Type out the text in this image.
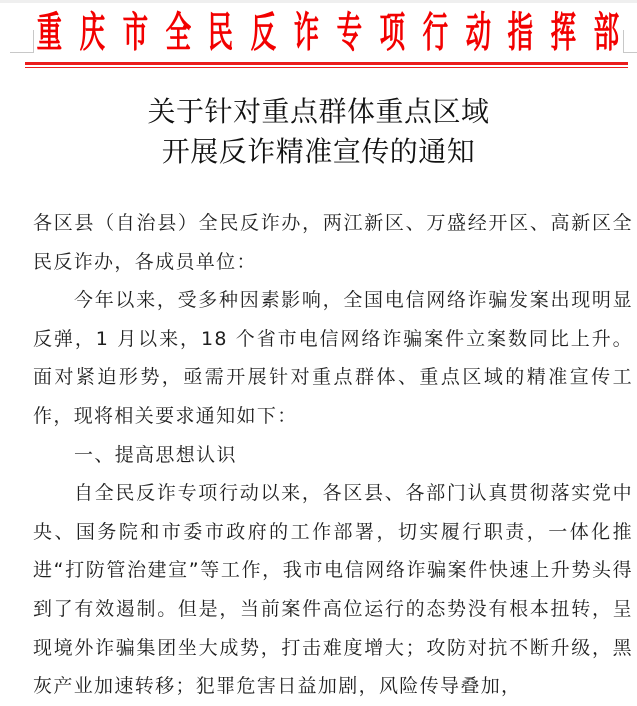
重 庆 市 全 民 反 诈 专 项 行 动 指 挥 部
关于针对重点群体重点区域
开展反诈精准宣传的通知

各区县（自治县）全民反诈办，两江新区、万盛经开区、高新区全民反诈办，各成员单位：

今年以来，受多种因素影响，全国电信网络诈骗发案出现明显反弹，1 月以来，18 个省市电信网络诈骗案件立案数同比上升。面对紧迫形势，亟需开展针对重点群体、重点区域的精准宣传工作，现将相关要求通知如下：

一、提高思想认识

自全民反诈专项行动以来，各区县、各部门认真贯彻落实党中央、国务院和市委市政府的工作部署，切实履行职责，一体化推进“打防管治建宣”等工作，我市电信网络诈骗案件快速上升势头得到了有效遏制。但是，当前案件高位运行的态势没有根本扭转，呈现境外诈骗集团坐大成势，打击难度增大；攻防对抗不断升级，黑灰产业加速转移；犯罪危害日益加剧，风险传导叠加，
